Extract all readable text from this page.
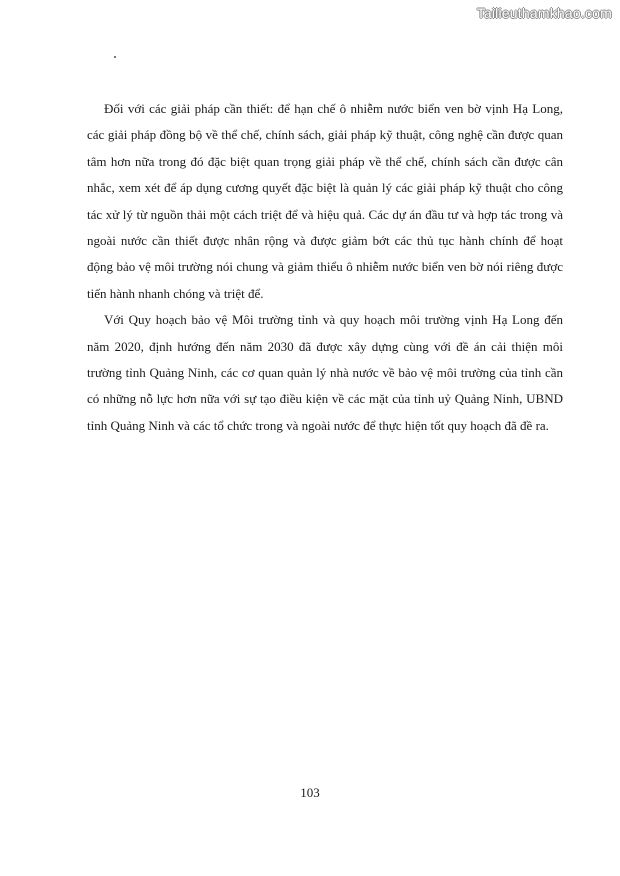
Tailieuthamkhao.com

Đối với các giải pháp cần thiết: để hạn chế ô nhiễm nước biển ven bờ vịnh Hạ Long, các giải pháp đồng bộ về thể chế, chính sách, giải pháp kỹ thuật, công nghệ cần được quan tâm hơn nữa trong đó đặc biệt quan trọng giải pháp về thể chế, chính sách cần được cân nhắc, xem xét để áp dụng cương quyết đặc biệt là quản lý các giải pháp kỹ thuật cho công tác xử lý từ nguồn thải một cách triệt để và hiệu quả. Các dự án đầu tư và hợp tác trong và ngoài nước cần thiết được nhân rộng và được giảm bớt các thủ tục hành chính để hoạt động bảo vệ môi trường nói chung và giảm thiểu ô nhiễm nước biển ven bờ nói riêng được tiến hành nhanh chóng và triệt để.

Với Quy hoạch bảo vệ Môi trường tỉnh và quy hoạch môi trường vịnh Hạ Long đến năm 2020, định hướng đến năm 2030 đã được xây dựng cùng với đề án cải thiện môi trường tỉnh Quảng Ninh, các cơ quan quản lý nhà nước về bảo vệ môi trường của tỉnh cần có những nỗ lực hơn nữa với sự tạo điều kiện về các mặt của tỉnh uỷ Quảng Ninh, UBND tỉnh Quảng Ninh và các tổ chức trong và ngoài nước để thực hiện tốt quy hoạch đã đề ra.

103
